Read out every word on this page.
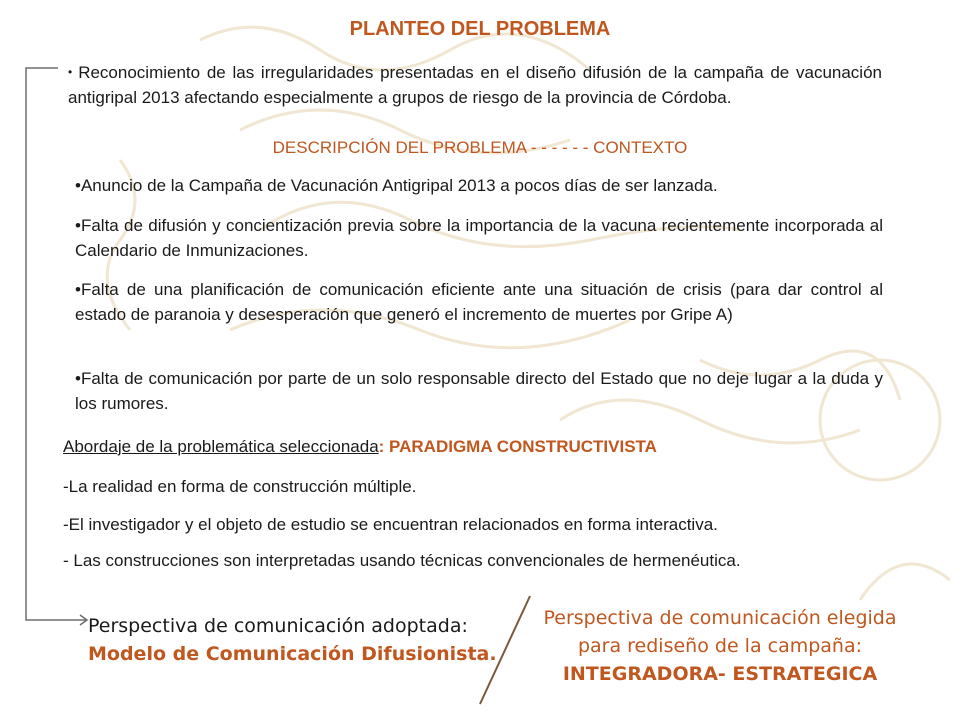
PLANTEO DEL PROBLEMA
• Reconocimiento de las irregularidades presentadas en el diseño difusión de la campaña de vacunación antigripal 2013 afectando especialmente a grupos de riesgo de la provincia de Córdoba.
DESCRIPCIÓN DEL PROBLEMA - - - - - - CONTEXTO
•Anuncio de la Campaña de Vacunación Antigripal 2013 a pocos días de ser lanzada.
•Falta de difusión y concientización previa sobre la importancia de la vacuna recientemente incorporada al Calendario de Inmunizaciones.
•Falta de una planificación de comunicación eficiente ante una situación de crisis (para dar control al estado de paranoia y desesperación que generó el incremento de muertes por Gripe A)
•Falta de comunicación por parte de un solo responsable directo del Estado que no deje lugar a la duda y los rumores.
Abordaje de la problemática seleccionada: PARADIGMA CONSTRUCTIVISTA
-La realidad en forma de construcción múltiple.
-El investigador y el objeto de estudio se encuentran relacionados en forma interactiva.
- Las construcciones son interpretadas usando técnicas convencionales de hermenéutica.
Perspectiva de comunicación adoptada:
Modelo de Comunicación Difusionista.
Perspectiva de comunicación elegida
para rediseño de la campaña:
INTEGRADORA- ESTRATEGICA
